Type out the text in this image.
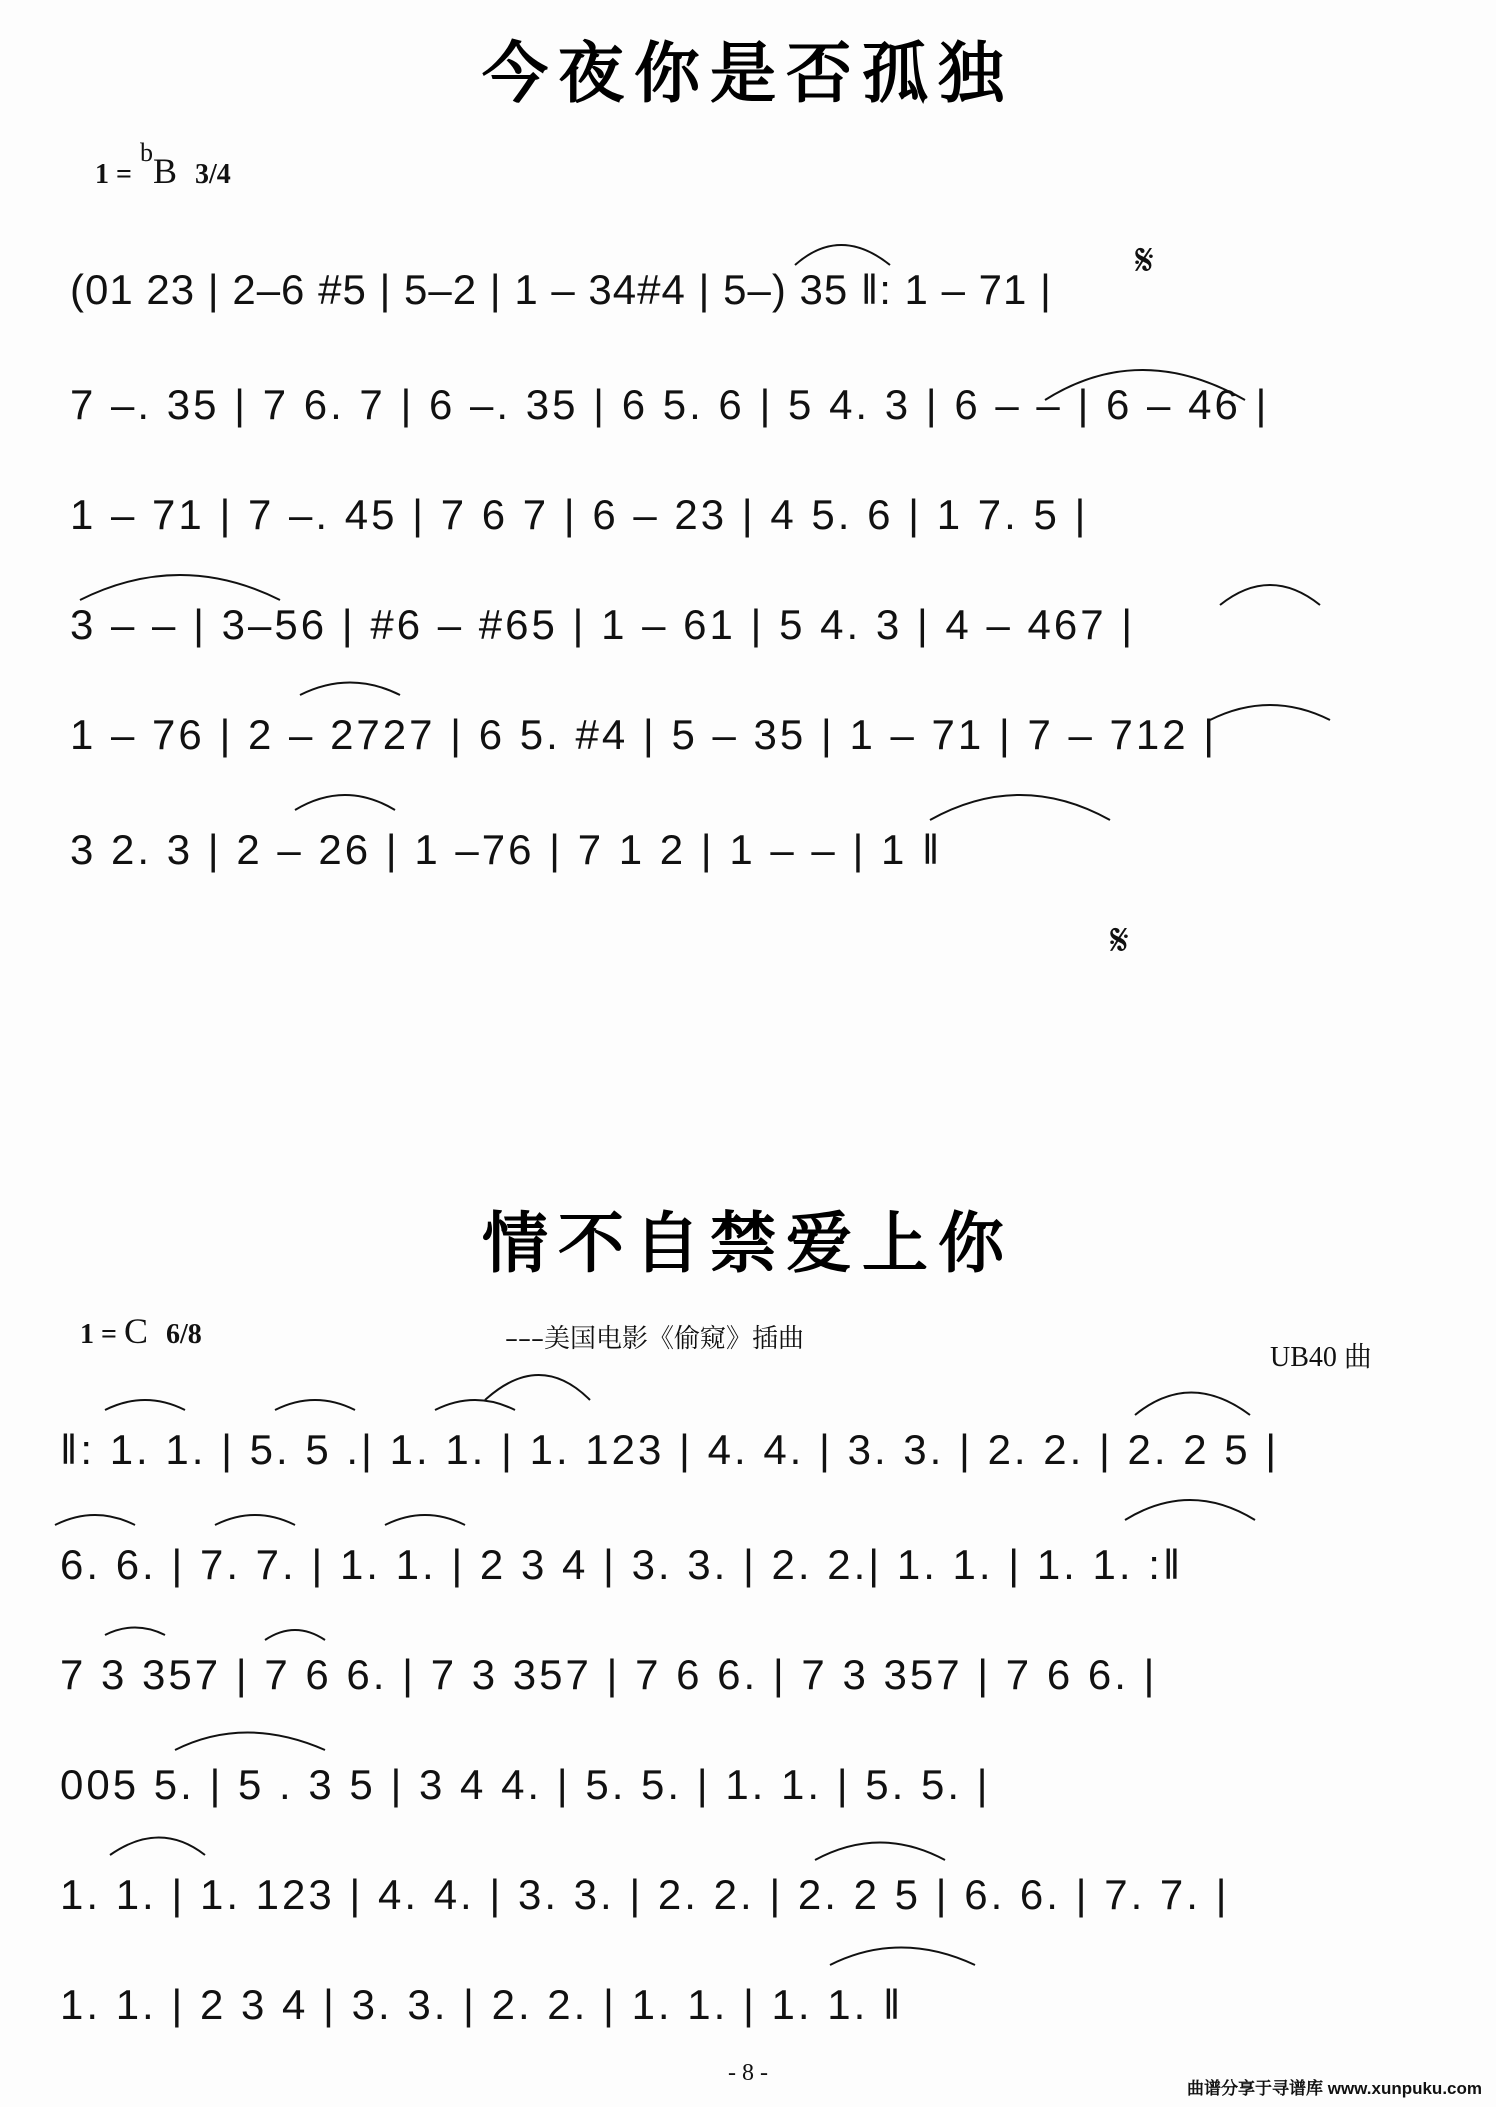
今夜你是否孤独
1 =bB 3/4
(01 23 | 2–6 #5 | 5–2 | 1 – 34#4 | 5–) 35 ‖: 1 – 71 |
7 –. 35 | 7 6. 7 | 6 –. 35 | 6 5. 6 | 5 4. 3 | 6 – – | 6 – 46 |
1 – 71 | 7 –. 45 | 7 6 7 | 6 – 23 | 4 5. 6 | 1 7. 5 |
3 – – | 3–56 | #6 – #65 | 1 – 61 | 5 4. 3 | 4 – 467 |
1 – 76 | 2 – 2727 | 6 5. #4 | 5 – 35 | 1 – 71 | 7 – 712 |
3 2. 3 | 2 – 26 | 1 –76 | 7 1 2 | 1 – – | 1 ‖
𝄋
𝄋
情不自禁爱上你
1 = C 6/8	–––美国电影《偷窥》插曲
UB40 曲
‖: 1. 1. | 5. 5 .| 1. 1. | 1. 123 | 4. 4. | 3. 3. | 2. 2. | 2. 2 5 |
6. 6. | 7. 7. | 1. 1. | 2 3 4 | 3. 3. | 2. 2.| 1. 1. | 1. 1. :‖
7 3 357 | 7 6 6. | 7 3 357 | 7 6 6. | 7 3 357 | 7 6 6. |
005 5. | 5 . 3 5 | 3 4 4. | 5. 5. | 1. 1. | 5. 5. |
1. 1. | 1. 123 | 4. 4. | 3. 3. | 2. 2. | 2. 2 5 | 6. 6. | 7. 7. |
1. 1. | 2 3 4 | 3. 3. | 2. 2. | 1. 1. | 1. 1. ‖
- 8 -
曲谱分享于寻谱库 www.xunpuku.com
